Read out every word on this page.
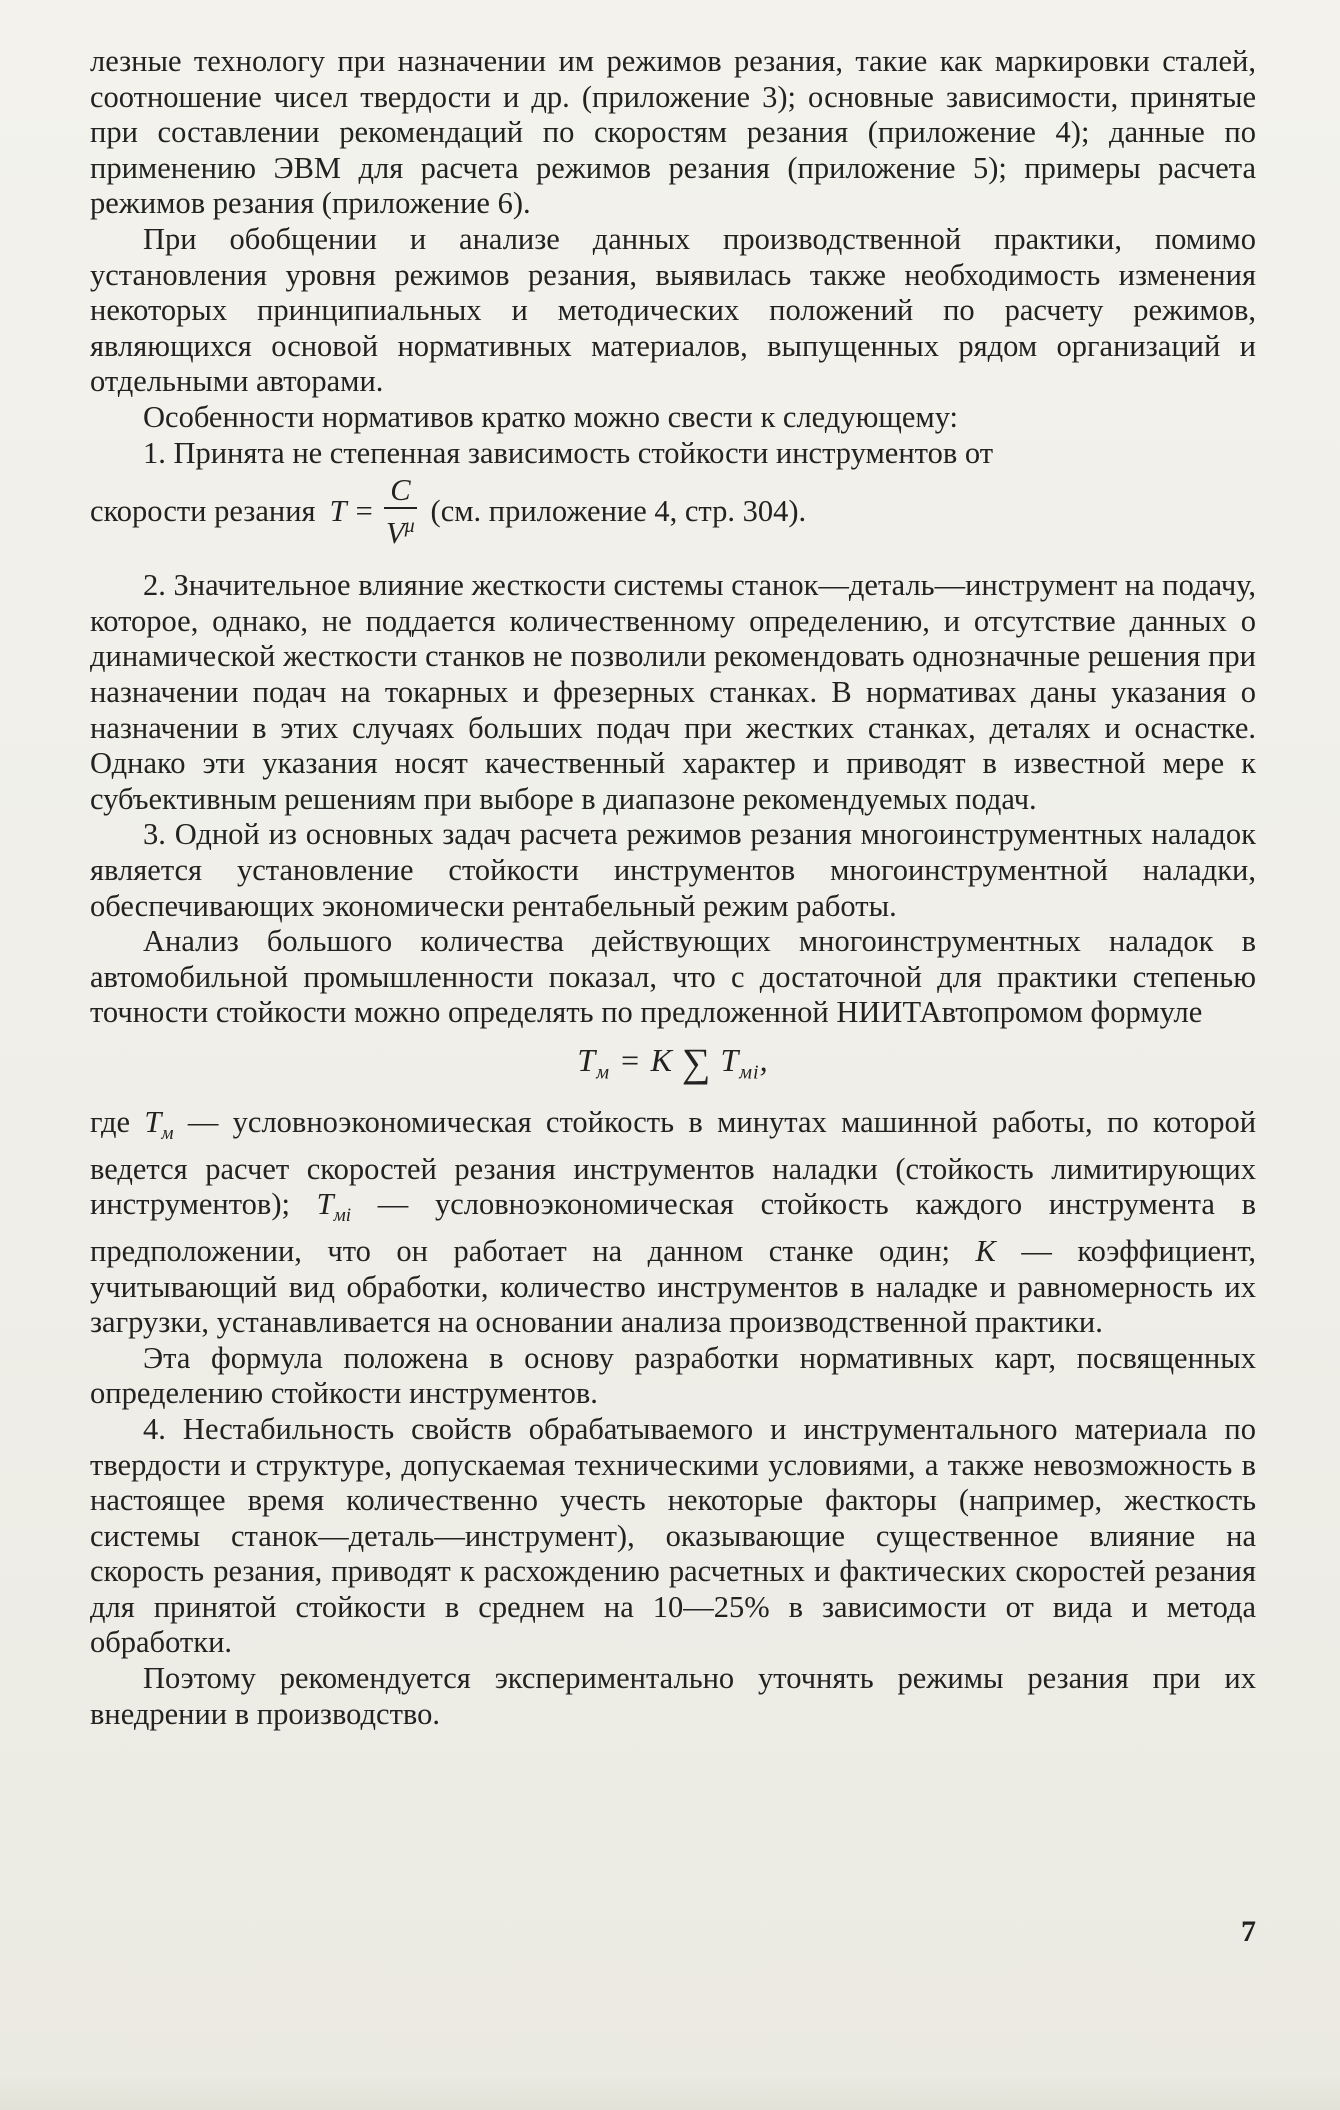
лезные технологу при назначении им режимов резания, такие как маркировки сталей, соотношение чисел твердости и др. (приложение 3); основные зависимости, принятые при составлении рекомендаций по скоростям резания (приложение 4); данные по применению ЭВМ для расчета режимов резания (приложение 5); примеры расчета режимов резания (приложение 6).

При обобщении и анализе данных производственной практики, помимо установления уровня режимов резания, выявилась также необходимость изменения некоторых принципиальных и методических положений по расчету режимов, являющихся основой нормативных материалов, выпущенных рядом организаций и отдельными авторами.

Особенности нормативов кратко можно свести к следующему:

1. Принята не степенная зависимость стойкости инструментов от

скорости резания $T = \frac{C}{V^\mu} (см$. приложение 4, стр. 304).

2. Значительное влияние жесткости системы станок—деталь—инструмент на подачу, которое, однако, не поддается количественному определению, и отсутствие данных о динамической жесткости станков не позволили рекомендовать однозначные решения при назначении подач на токарных и фрезерных станках. В нормативах даны указания о назначении в этих случаях больших подач при жестких станках, деталях и оснастке. Однако эти указания носят качественный характер и приводят в известной мере к субъективным решениям при выборе в диапазоне рекомендуемых подач.

3. Одной из основных задач расчета режимов резания многоинструментных наладок является установление стойкости инструментов многоинструментной наладки, обеспечивающих экономически рентабельный режим работы.

Анализ большого количества действующих многоинструментных наладок в автомобильной промышленности показал, что с достаточной для практики степенью точности стойкости можно определять по предложенной НИИТАвтопромом формуле

$T_м = K$ ∑ $T_{мi}$,

где $T_м$ — условноэкономическая стойкость в минутах машинной работы, по которой ведется расчет скоростей резания инструментов наладки (стойкость лимитирующих инструментов); $T_{мi}$ — условноэкономическая стойкость каждого инструмента в предположении, что он работает на данном станке один; K — коэффициент, учитывающий вид обработки, количество инструментов в наладке и равномерность их загрузки, устанавливается на основании анализа производственной практики.

Эта формула положена в основу разработки нормативных карт, посвященных определению стойкости инструментов.

4. Нестабильность свойств обрабатываемого и инструментального материала по твердости и структуре, допускаемая техническими условиями, а также невозможность в настоящее время количественно учесть некоторые факторы (например, жесткость системы станок—деталь—инструмент), оказывающие существенное влияние на скорость резания, приводят к расхождению расчетных и фактических скоростей резания для принятой стойкости в среднем на 10—25% в зависимости от вида и метода обработки.

Поэтому рекомендуется экспериментально уточнять режимы резания при их внедрении в производство.

7
